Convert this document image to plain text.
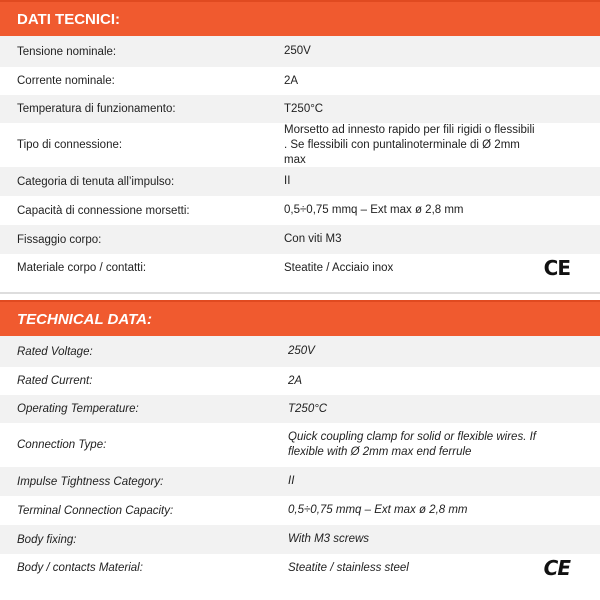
DATI TECNICI:
Tensione nominale:	250V
Corrente nominale:	2A
Temperatura di funzionamento:	T250°C
Tipo di connessione:
Morsetto ad innesto rapido per fili rigidi o flessibili . Se flessibili con puntalinoterminale di Ø 2mm max
Categoria di tenuta all’impulso:	II
Capacità di connessione morsetti:	0,5÷0,75 mmq – Ext max ø 2,8 mm
Fissaggio corpo:	Con viti M3
Materiale corpo / contatti:	Steatite / Acciaio inox	CE
TECHNICAL DATA:
Rated Voltage:	250V
Rated Current:	2A
Operating Temperature:	T250°C
Connection Type:
Quick coupling clamp for solid or flexible wires. If flexible with Ø 2mm max end ferrule
Impulse Tightness Category:	II
Terminal Connection Capacity:	0,5÷0,75 mmq – Ext max ø 2,8 mm
Body fixing:	With M3 screws
Body / contacts Material:	Steatite / stainless steel	CE
